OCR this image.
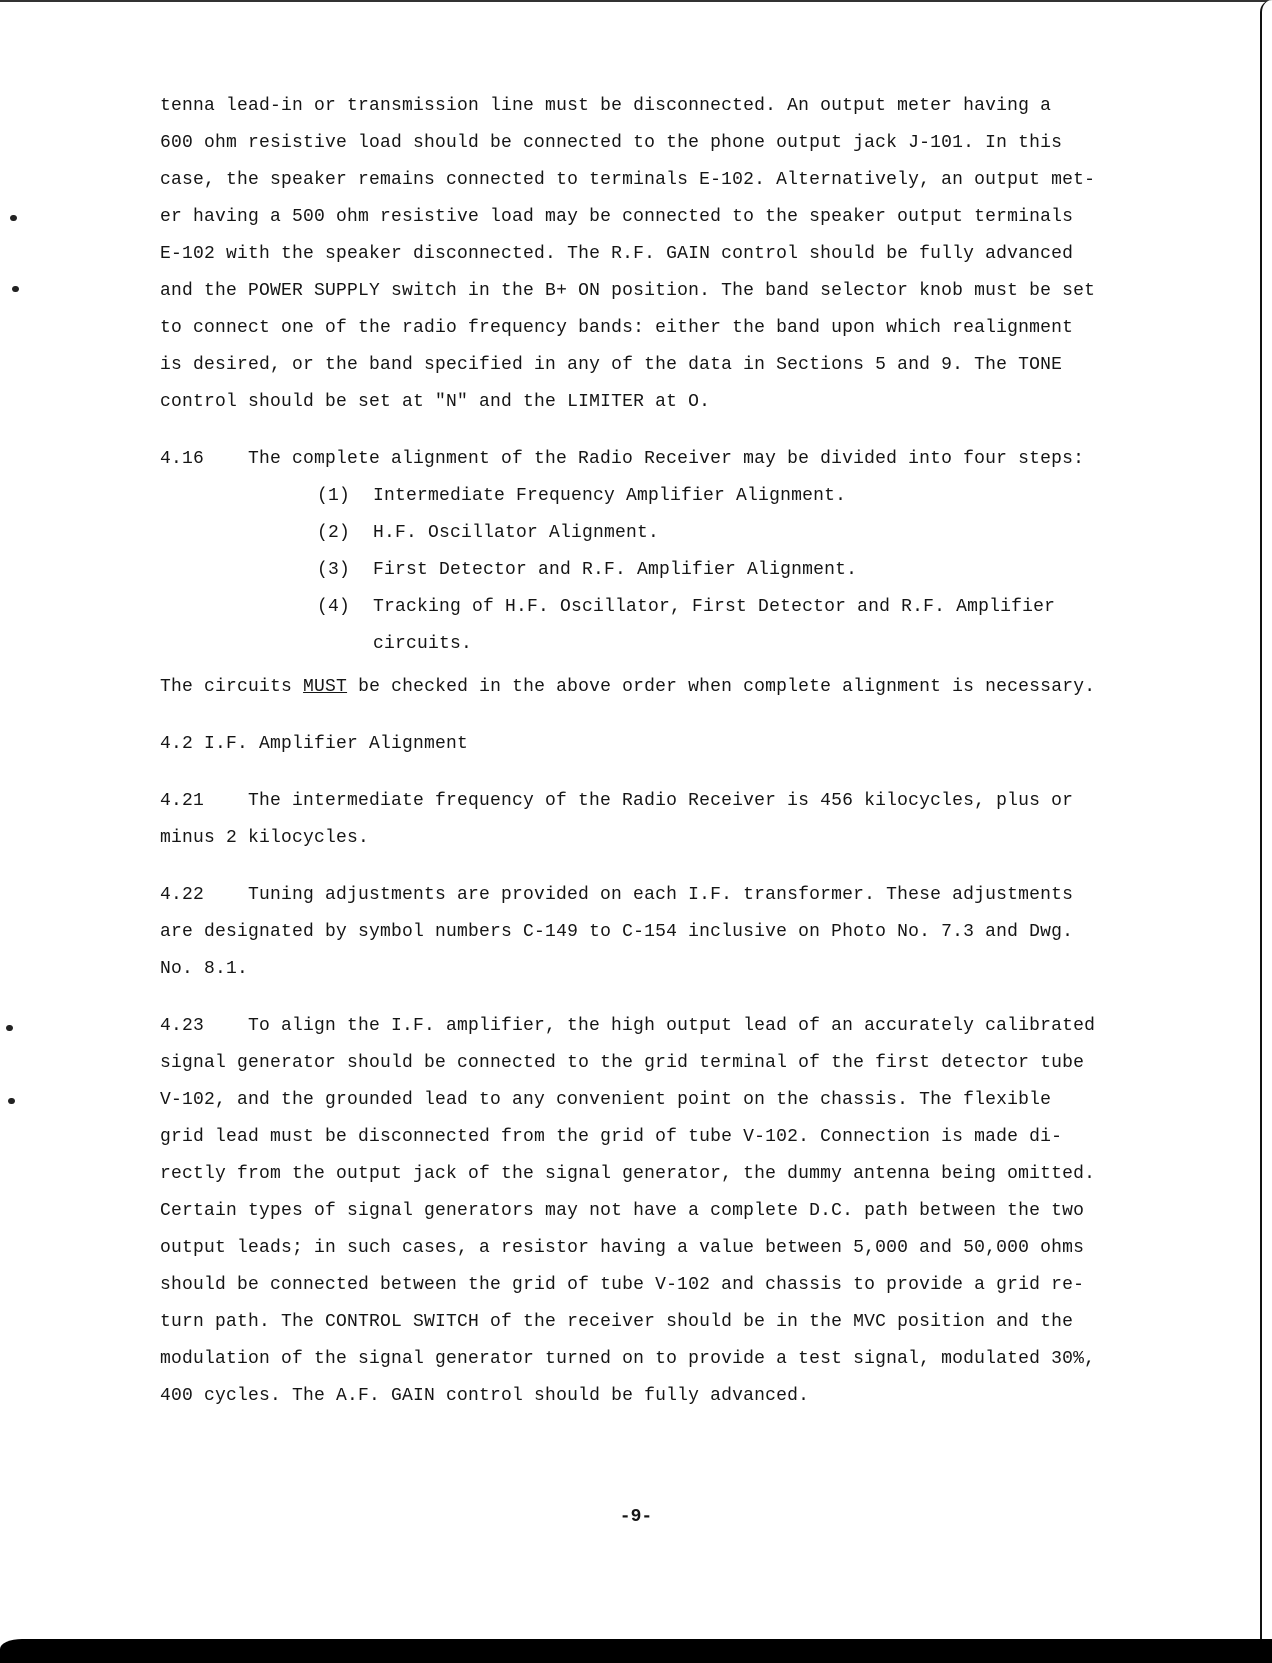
tenna lead-in or transmission line must be disconnected. An output meter having a

600 ohm resistive load should be connected to the phone output jack J-101. In this

case, the speaker remains connected to terminals E-102. Alternatively, an output met-

er having a 500 ohm resistive load may be connected to the speaker output terminals

E-102 with the speaker disconnected. The R.F. GAIN control should be fully advanced

and the POWER SUPPLY switch in the B+ ON position. The band selector knob must be set

to connect one of the radio frequency bands: either the band upon which realignment

is desired, or the band specified in any of the data in Sections 5 and 9. The TONE

control should be set at "N" and the LIMITER at O.

4.16 The complete alignment of the Radio Receiver may be divided into four steps:

(1)	Intermediate Frequency Amplifier Alignment.
(2)	H.F. Oscillator Alignment.
(3)	First Detector and R.F. Amplifier Alignment.
(4)	Tracking of H.F. Oscillator, First Detector and R.F. Amplifier
circuits.

The circuits MUST be checked in the above order when complete alignment is necessary.

4.2 I.F. Amplifier Alignment

4.21 The intermediate frequency of the Radio Receiver is 456 kilocycles, plus or

minus 2 kilocycles.

4.22 Tuning adjustments are provided on each I.F. transformer. These adjustments

are designated by symbol numbers C-149 to C-154 inclusive on Photo No. 7.3 and Dwg.

No. 8.1.

4.23 To align the I.F. amplifier, the high output lead of an accurately calibrated

signal generator should be connected to the grid terminal of the first detector tube

V-102, and the grounded lead to any convenient point on the chassis. The flexible

grid lead must be disconnected from the grid of tube V-102. Connection is made di-

rectly from the output jack of the signal generator, the dummy antenna being omitted.

Certain types of signal generators may not have a complete D.C. path between the two

output leads; in such cases, a resistor having a value between 5,000 and 50,000 ohms

should be connected between the grid of tube V-102 and chassis to provide a grid re-

turn path. The CONTROL SWITCH of the receiver should be in the MVC position and the

modulation of the signal generator turned on to provide a test signal, modulated 30%,

400 cycles. The A.F. GAIN control should be fully advanced.

-9-
